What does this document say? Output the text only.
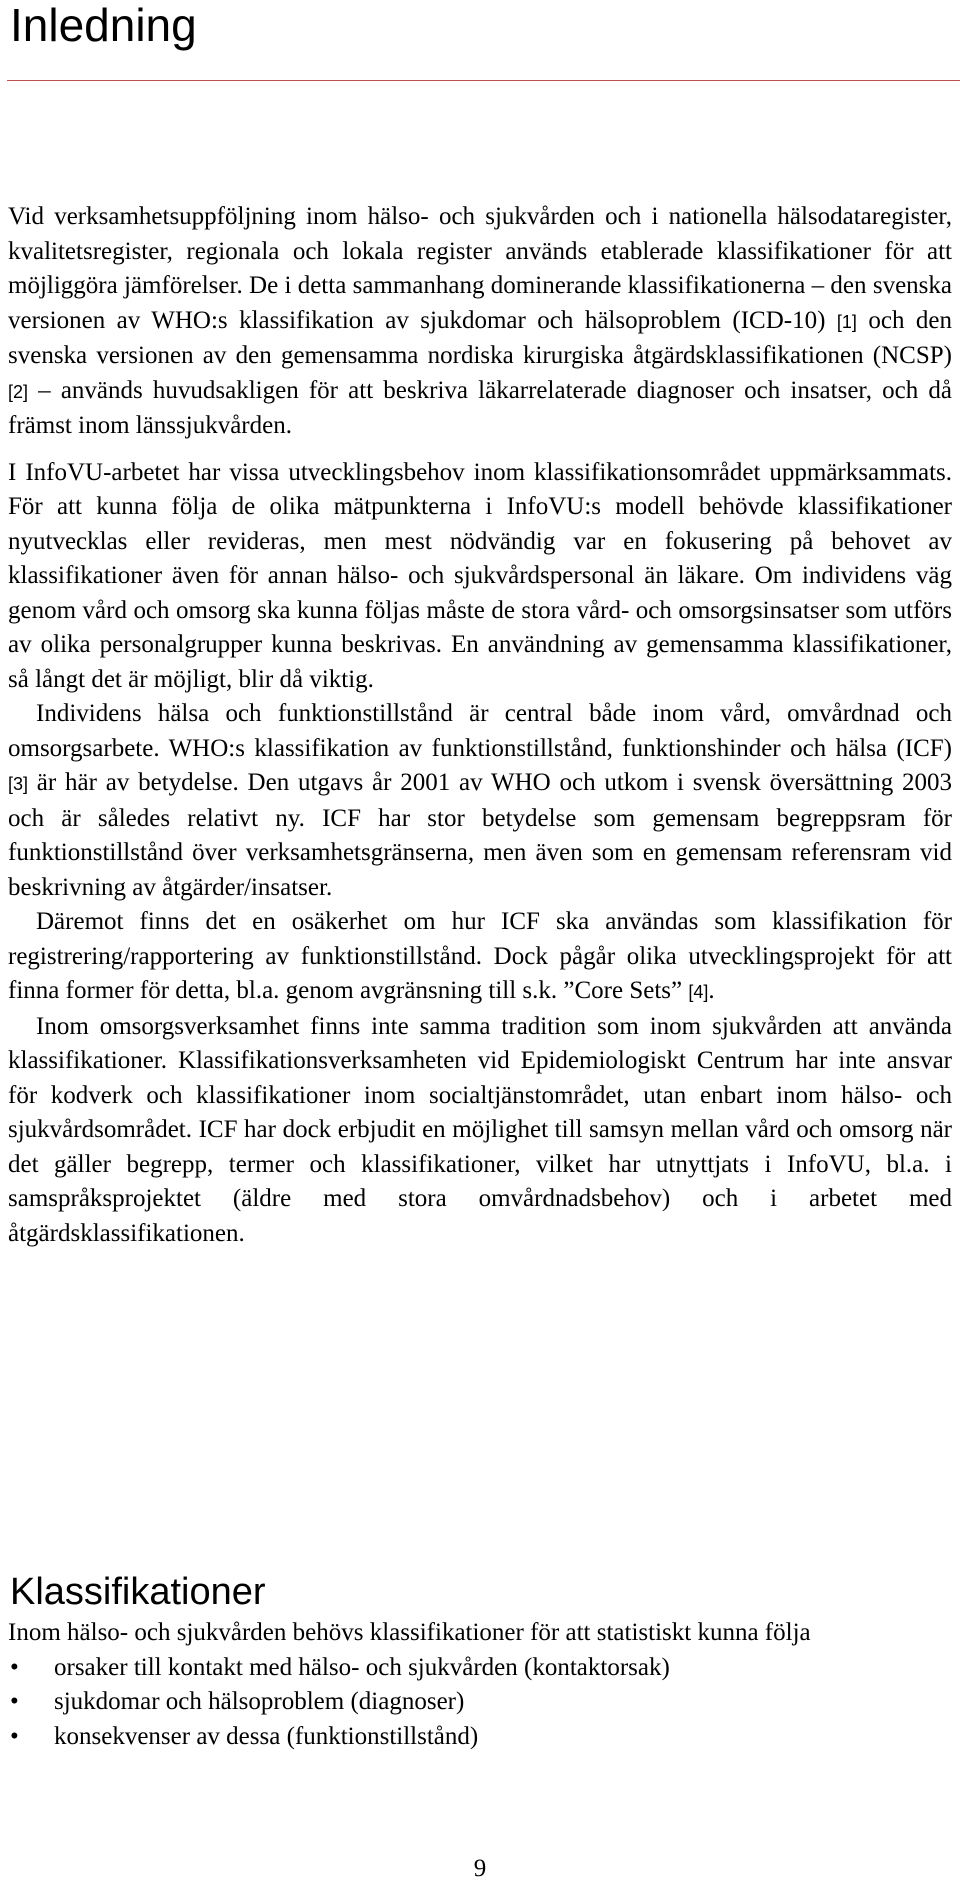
Inledning

Vid verksamhetsuppföljning inom hälso- och sjukvården och i nationella hälsodataregister, kvalitetsregister, regionala och lokala register används etablerade klassifikationer för att möjliggöra jämförelser. De i detta sammanhang dominerande klassifikationerna – den svenska versionen av WHO:s klassifikation av sjukdomar och hälsoproblem (ICD-10) [1] och den svenska versionen av den gemensamma nordiska kirurgiska åtgärdsklassifikationen (NCSP) [2] – används huvudsakligen för att beskriva läkarrelaterade diagnoser och insatser, och då främst inom länssjukvården.

I InfoVU-arbetet har vissa utvecklingsbehov inom klassifikationsområdet uppmärksammats. För att kunna följa de olika mätpunkterna i InfoVU:s modell behövde klassifikationer nyutvecklas eller revideras, men mest nödvändig var en fokusering på behovet av klassifikationer även för annan hälso- och sjukvårdspersonal än läkare. Om individens väg genom vård och omsorg ska kunna följas måste de stora vård- och omsorgsinsatser som utförs av olika personalgrupper kunna beskrivas. En användning av gemensamma klassifikationer, så långt det är möjligt, blir då viktig.

Individens hälsa och funktionstillstånd är central både inom vård, omvårdnad och omsorgsarbete. WHO:s klassifikation av funktionstillstånd, funktionshinder och hälsa (ICF) [3] är här av betydelse. Den utgavs år 2001 av WHO och utkom i svensk översättning 2003 och är således relativt ny. ICF har stor betydelse som gemensam begreppsram för funktionstillstånd över verksamhetsgränserna, men även som en gemensam referensram vid beskrivning av åtgärder/insatser.

Däremot finns det en osäkerhet om hur ICF ska användas som klassifikation för registrering/rapportering av funktionstillstånd. Dock pågår olika utvecklingsprojekt för att finna former för detta, bl.a. genom avgränsning till s.k. ”Core Sets” [4].

Inom omsorgsverksamhet finns inte samma tradition som inom sjukvården att använda klassifikationer. Klassifikationsverksamheten vid Epidemiologiskt Centrum har inte ansvar för kodverk och klassifikationer inom socialtjänstområdet, utan enbart inom hälso- och sjukvårdsområdet. ICF har dock erbjudit en möjlighet till samsyn mellan vård och omsorg när det gäller begrepp, termer och klassifikationer, vilket har utnyttjats i InfoVU, bl.a. i samspråksprojektet (äldre med stora omvårdnadsbehov) och i arbetet med åtgärdsklassifikationen.

Klassifikationer

Inom hälso- och sjukvården behövs klassifikationer för att statistiskt kunna följa

• orsaker till kontakt med hälso- och sjukvården (kontaktorsak)
• sjukdomar och hälsoproblem (diagnoser)
• konsekvenser av dessa (funktionstillstånd)
9
